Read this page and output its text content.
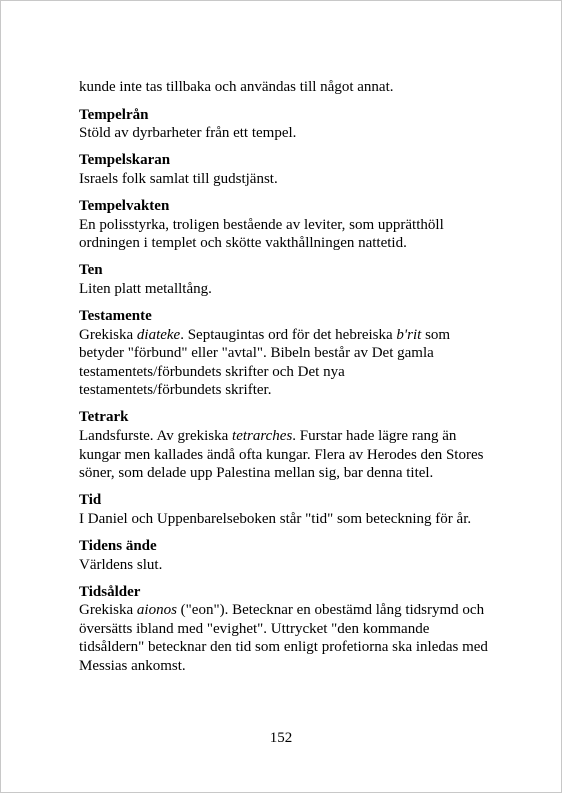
kunde inte tas tillbaka och användas till något annat.

Tempelrån
Stöld av dyrbarheter från ett tempel.
Tempelskaran
Israels folk samlat till gudstjänst.
Tempelvakten
En polisstyrka, troligen bestående av leviter, som upprätthöll ordningen i templet och skötte vakthållningen nattetid.
Ten
Liten platt metalltång.
Testamente
Grekiska diateke. Septaugintas ord för det hebreiska b'rit som betyder "förbund" eller "avtal". Bibeln består av Det gamla testamentets/förbundets skrifter och Det nya testamentets/förbundets skrifter.
Tetrark
Landsfurste. Av grekiska tetrarches. Furstar hade lägre rang än kungar men kallades ändå ofta kungar. Flera av Herodes den Stores söner, som delade upp Palestina mellan sig, bar denna titel.
Tid
I Daniel och Uppenbarelseboken står "tid" som beteckning för år.
Tidens ände
Världens slut.
Tidsålder
Grekiska aionos ("eon"). Betecknar en obestämd lång tidsrymd och översätts ibland med "evighet". Uttrycket "den kommande tidsåldern" betecknar den tid som enligt profetiorna ska inledas med Messias ankomst.
152
